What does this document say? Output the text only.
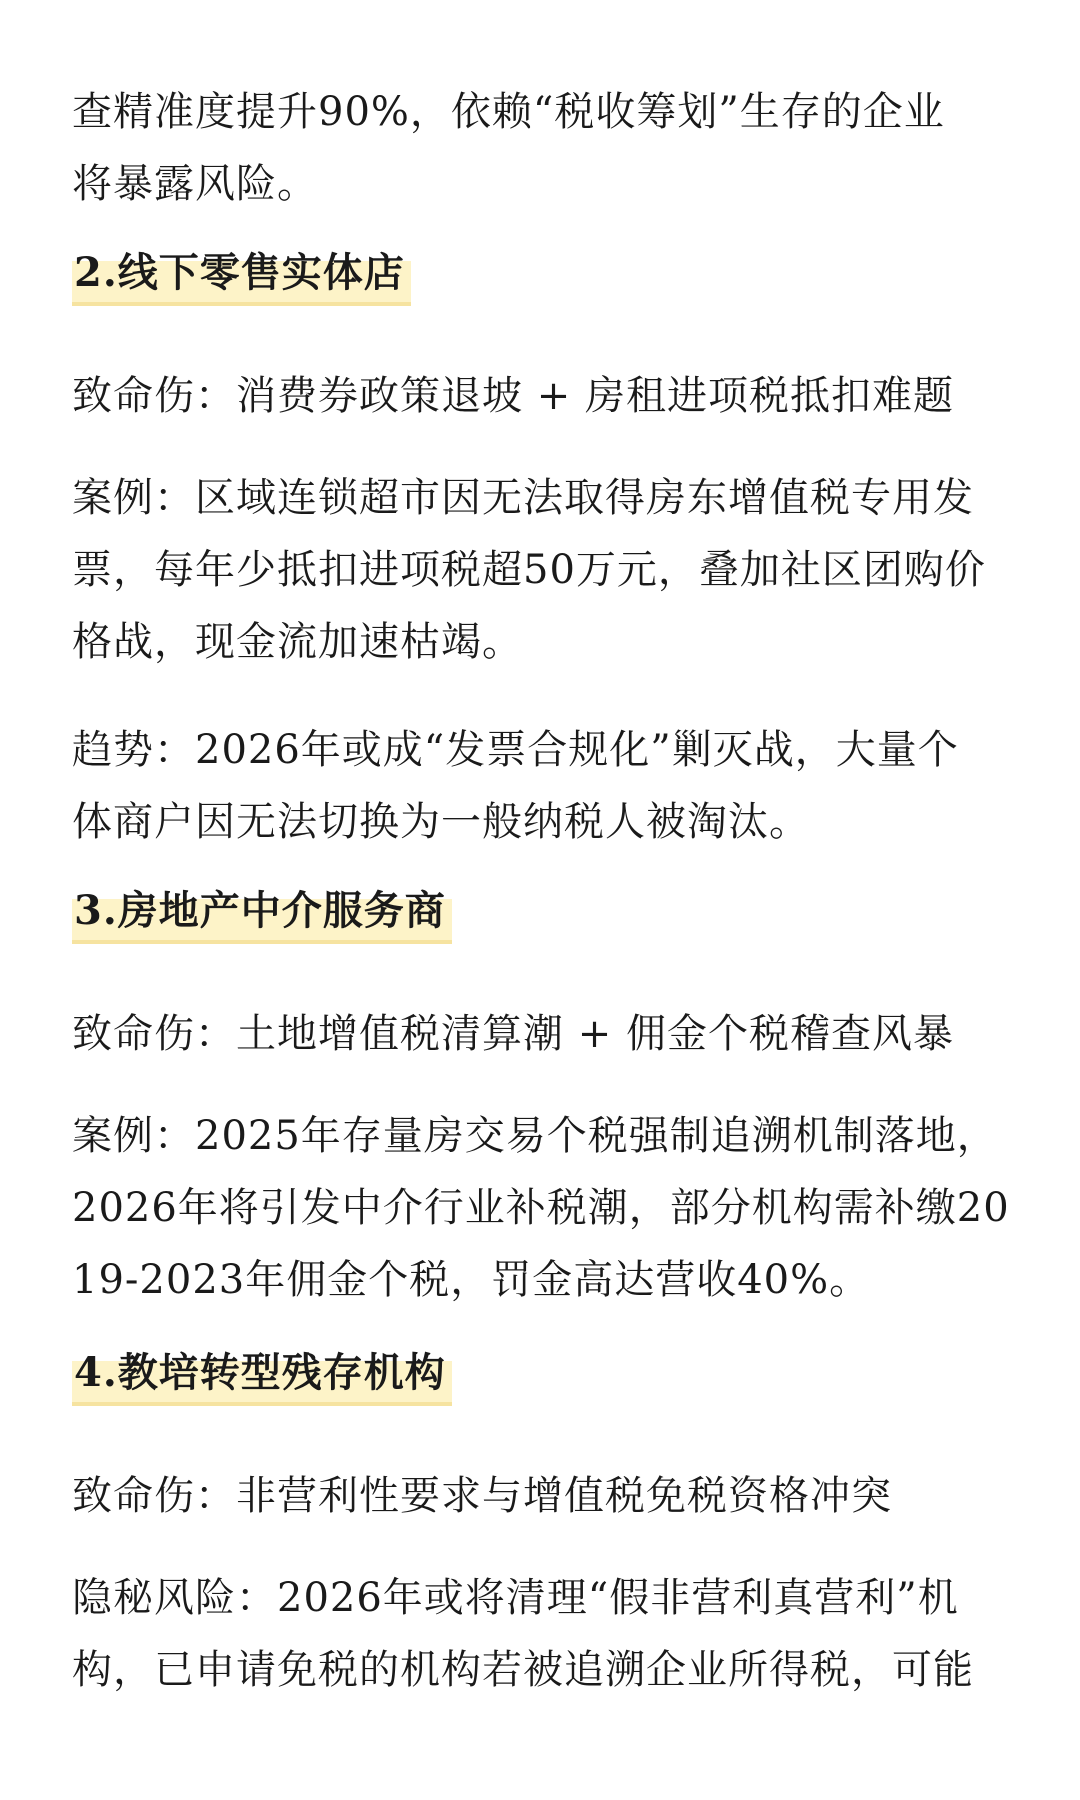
查精准度提升90%，依赖“税收筹划”生存的企业
将暴露风险。

2.线下零售实体店

致命伤：消费券政策退坡 + 房租进项税抵扣难题

案例：区域连锁超市因无法取得房东增值税专用发
票，每年少抵扣进项税超50万元，叠加社区团购价
格战，现金流加速枯竭。

趋势：2026年或成“发票合规化”剿灭战，大量个
体商户因无法切换为一般纳税人被淘汰。

3.房地产中介服务商

致命伤：土地增值税清算潮 + 佣金个税稽查风暴

案例：2025年存量房交易个税强制追溯机制落地，
2026年将引发中介行业补税潮，部分机构需补缴20
19-2023年佣金个税，罚金高达营收40%。

4.教培转型残存机构

致命伤：非营利性要求与增值税免税资格冲突

隐秘风险：2026年或将清理“假非营利真营利”机
构，已申请免税的机构若被追溯企业所得税，可能
